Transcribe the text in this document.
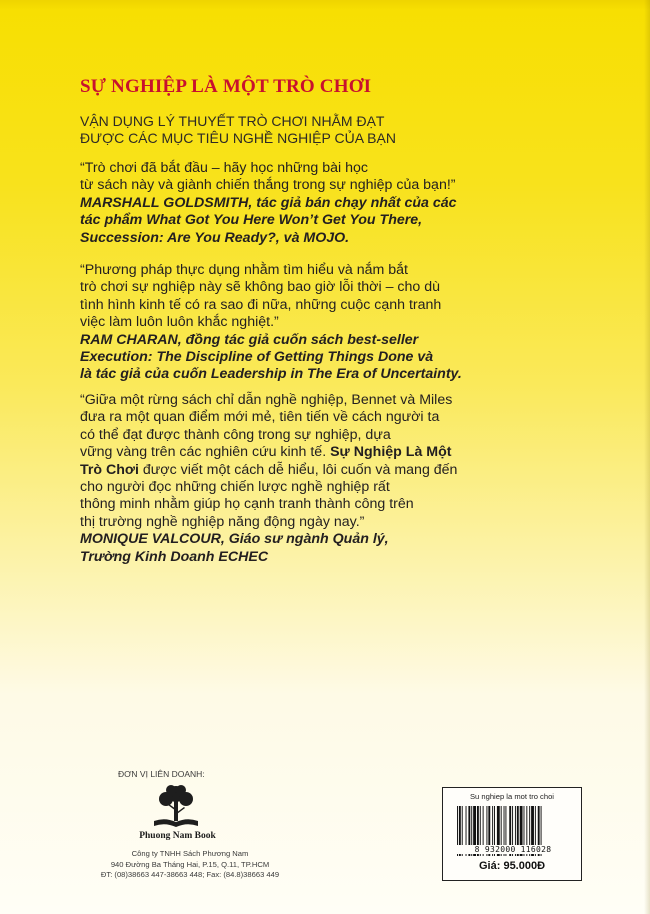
SỰ NGHIỆP LÀ MỘT TRÒ CHƠI
VẬN DỤNG LÝ THUYẾT TRÒ CHƠI NHẰM ĐẠT
ĐƯỢC CÁC MỤC TIÊU NGHỀ NGHIỆP CỦA BẠN
“Trò chơi đã bắt đầu – hãy học những bài học
từ sách này và giành chiến thắng trong sự nghiệp của bạn!”
MARSHALL GOLDSMITH, tác giả bán chạy nhất của các
tác phẩm What Got You Here Won’t Get You There,
Succession: Are You Ready?, và MOJO.
“Phương pháp thực dụng nhằm tìm hiểu và nắm bắt
trò chơi sự nghiệp này sẽ không bao giờ lỗi thời – cho dù
tình hình kinh tế có ra sao đi nữa, những cuộc cạnh tranh
việc làm luôn luôn khắc nghiệt.”
RAM CHARAN, đồng tác giả cuốn sách best-seller
Execution: The Discipline of Getting Things Done và
là tác giả của cuốn Leadership in The Era of Uncertainty.
“Giữa một rừng sách chỉ dẫn nghề nghiệp, Bennet và Miles
đưa ra một quan điểm mới mẻ, tiên tiến về cách người ta
có thể đạt được thành công trong sự nghiệp, dựa
vững vàng trên các nghiên cứu kinh tế. Sự Nghiệp Là Một
Trò Chơi được viết một cách dễ hiểu, lôi cuốn và mang đến
cho người đọc những chiến lược nghề nghiệp rất
thông minh nhằm giúp họ cạnh tranh thành công trên
thị trường nghề nghiệp năng động ngày nay.”
MONIQUE VALCOUR, Giáo sư ngành Quản lý,
Trường Kinh Doanh ECHEC
ĐƠN VỊ LIÊN DOANH:
Phuong Nam Book
Công ty TNHH Sách Phương Nam
940 Đường Ba Tháng Hai, P.15, Q.11, TP.HCM
ĐT: (08)38663 447-38663 448; Fax: (84.8)38663 449
Su nghiep la mot tro choi
8 932000 116028
Giá: 95.000Đ
